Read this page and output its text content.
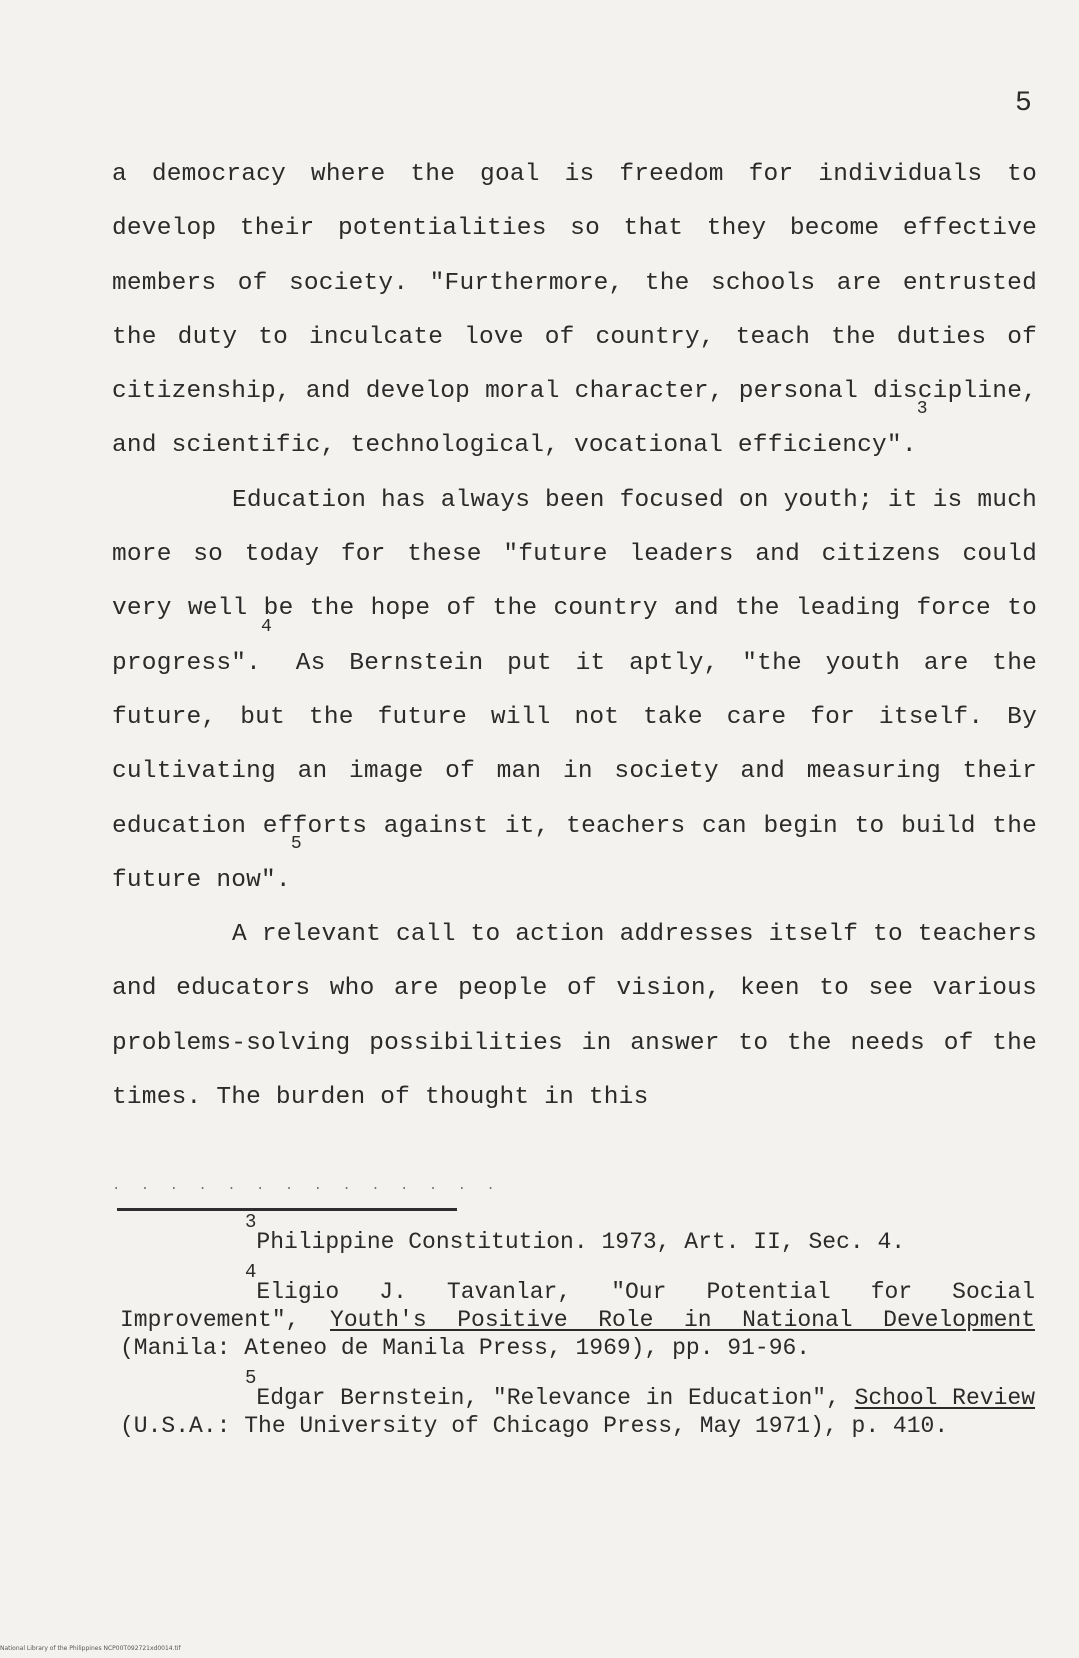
5

a democracy where the goal is freedom for individuals to develop their potentialities so that they become effective members of society. "Furthermore, the schools are entrusted the duty to inculcate love of country, teach the duties of citizenship, and develop moral character, personal discipline, and scientific, technological, vocational efficiency".$^3$

Education has always been focused on youth; it is much more so today for these "future leaders and citizens could very well be the hope of the country and the leading force to progress".$^4$ As Bernstein put it aptly, "the youth are the future, but the future will not take care for itself. By cultivating an image of man in society and measuring their education efforts against it, teachers can begin to build the future now".$^5$

A relevant call to action addresses itself to teachers and educators who are people of vision, keen to see various problems-solving possibilities in answer to the needs of the times. The burden of thought in this

. . . . . . . . . . . . . .

$^3$Philippine Constitution. 1973, Art. II, Sec. 4.

$^4$Eligio J. Tavanlar, "Our Potential for Social Improvement", Youth's Positive Role in National Development (Manila: Ateneo de Manila Press, 1969), pp. 91-96.

$^5$Edgar Bernstein, "Relevance in Education", School Review (U.S.A.: The University of Chicago Press, May 1971), p. 410.

National Library of the Philippines NCP00T092721xd0014.tif
